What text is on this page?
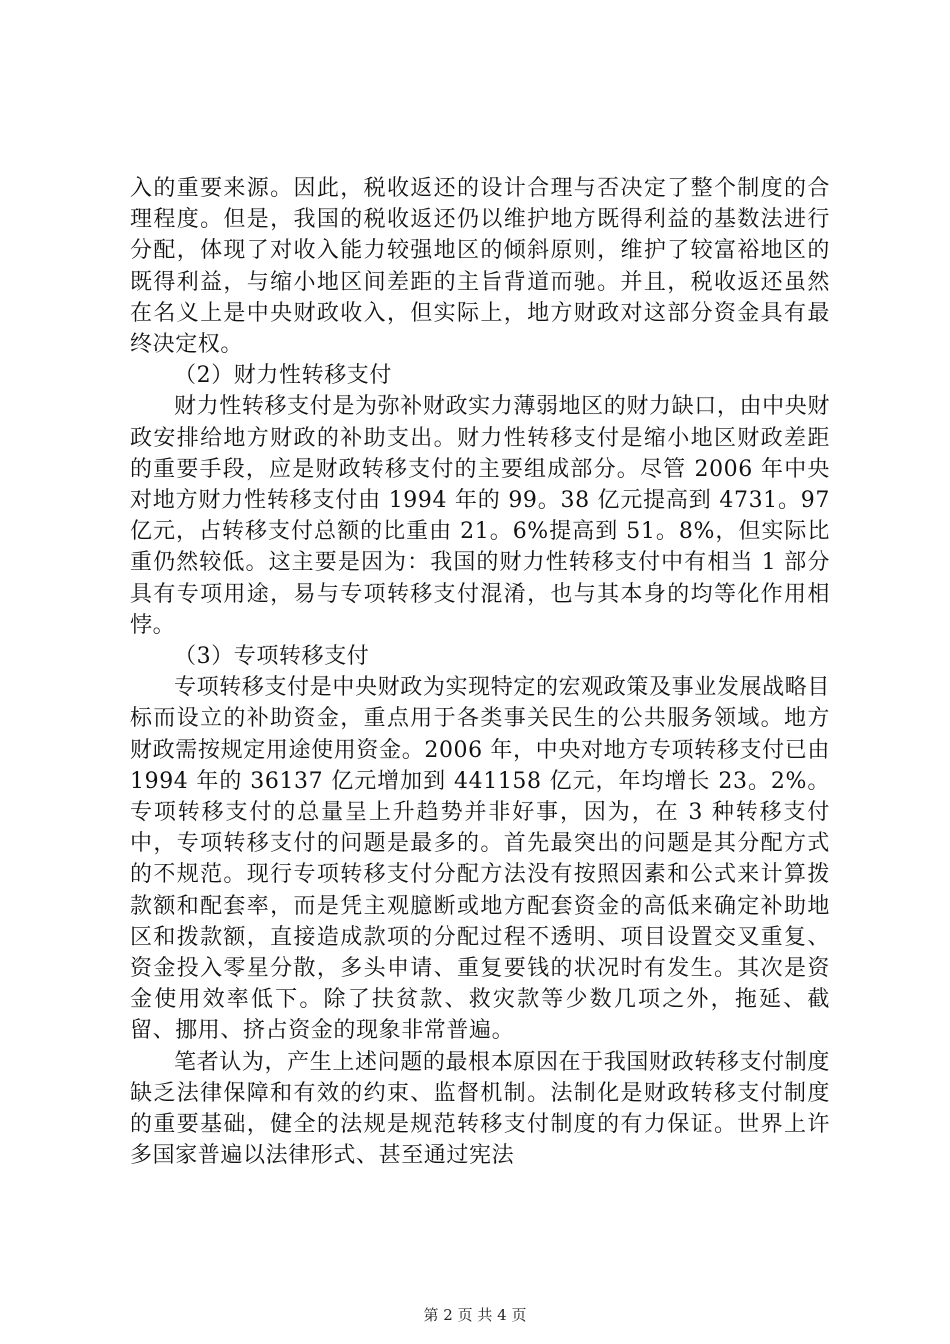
入的重要来源。因此，税收返还的设计合理与否决定了整个制度的合理程度。但是，我国的税收返还仍以维护地方既得利益的基数法进行分配，体现了对收入能力较强地区的倾斜原则，维护了较富裕地区的既得利益，与缩小地区间差距的主旨背道而驰。并且，税收返还虽然在名义上是中央财政收入，但实际上，地方财政对这部分资金具有最终决定权。

（2）财力性转移支付

财力性转移支付是为弥补财政实力薄弱地区的财力缺口，由中央财政安排给地方财政的补助支出。财力性转移支付是缩小地区财政差距的重要手段，应是财政转移支付的主要组成部分。尽管 2006 年中央对地方财力性转移支付由 1994 年的 99。38 亿元提高到 4731。97 亿元，占转移支付总额的比重由 21。6%提高到 51。8%，但实际比重仍然较低。这主要是因为：我国的财力性转移支付中有相当 1 部分具有专项用途，易与专项转移支付混淆，也与其本身的均等化作用相悖。

（3）专项转移支付

专项转移支付是中央财政为实现特定的宏观政策及事业发展战略目标而设立的补助资金，重点用于各类事关民生的公共服务领域。地方财政需按规定用途使用资金。2006 年，中央对地方专项转移支付已由 1994 年的 36137 亿元增加到 441158 亿元，年均增长 23。2%。专项转移支付的总量呈上升趋势并非好事，因为，在 3 种转移支付中，专项转移支付的问题是最多的。首先最突出的问题是其分配方式的不规范。现行专项转移支付分配方法没有按照因素和公式来计算拨款额和配套率，而是凭主观臆断或地方配套资金的高低来确定补助地区和拨款额，直接造成款项的分配过程不透明、项目设置交叉重复、资金投入零星分散，多头申请、重复要钱的状况时有发生。其次是资金使用效率低下。除了扶贫款、救灾款等少数几项之外，拖延、截留、挪用、挤占资金的现象非常普遍。

笔者认为，产生上述问题的最根本原因在于我国财政转移支付制度缺乏法律保障和有效的约束、监督机制。法制化是财政转移支付制度的重要基础，健全的法规是规范转移支付制度的有力保证。世界上许多国家普遍以法律形式、甚至通过宪法

第 2 页 共 4 页
